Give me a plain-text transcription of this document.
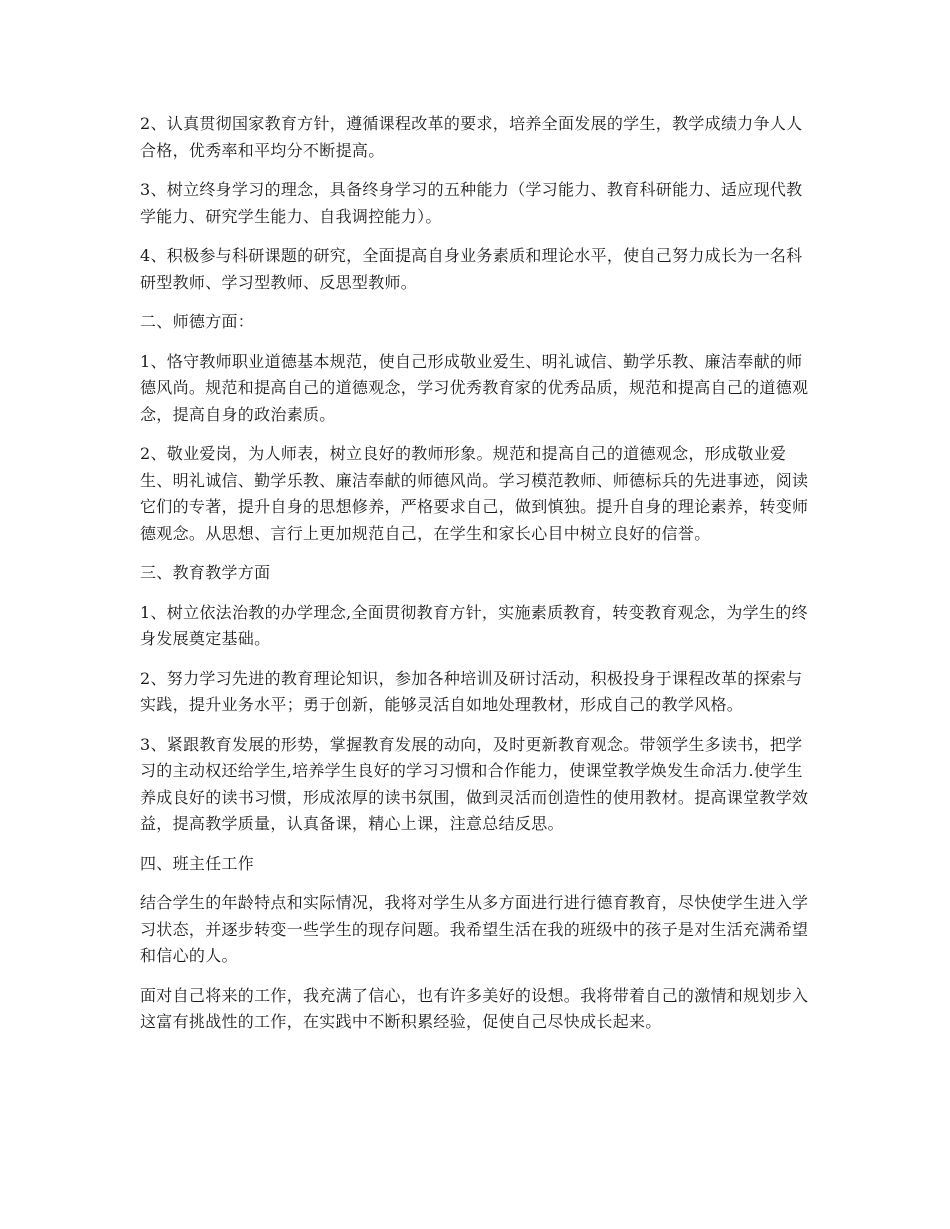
2、认真贯彻国家教育方针，遵循课程改革的要求，培养全面发展的学生，教学成绩力争人人合格，优秀率和平均分不断提高。

3、树立终身学习的理念，具备终身学习的五种能力（学习能力、教育科研能力、适应现代教学能力、研究学生能力、自我调控能力）。

4、积极参与科研课题的研究，全面提高自身业务素质和理论水平，使自己努力成长为一名科研型教师、学习型教师、反思型教师。

二、师德方面：

1、恪守教师职业道德基本规范，使自己形成敬业爱生、明礼诚信、勤学乐教、廉洁奉献的师德风尚。规范和提高自己的道德观念，学习优秀教育家的优秀品质，规范和提高自己的道德观念，提高自身的政治素质。

2、敬业爱岗，为人师表，树立良好的教师形象。规范和提高自己的道德观念，形成敬业爱生、明礼诚信、勤学乐教、廉洁奉献的师德风尚。学习模范教师、师德标兵的先进事迹，阅读它们的专著，提升自身的思想修养，严格要求自己，做到慎独。提升自身的理论素养，转变师德观念。从思想、言行上更加规范自己，在学生和家长心目中树立良好的信誉。

三、教育教学方面

1、树立依法治教的办学理念,全面贯彻教育方针，实施素质教育，转变教育观念，为学生的终身发展奠定基础。

2、努力学习先进的教育理论知识，参加各种培训及研讨活动，积极投身于课程改革的探索与实践，提升业务水平；勇于创新，能够灵活自如地处理教材，形成自己的教学风格。

3、紧跟教育发展的形势，掌握教育发展的动向，及时更新教育观念。带领学生多读书，把学习的主动权还给学生,培养学生良好的学习习惯和合作能力，使课堂教学焕发生命活力.使学生养成良好的读书习惯，形成浓厚的读书氛围，做到灵活而创造性的使用教材。提高课堂教学效益，提高教学质量，认真备课，精心上课，注意总结反思。

四、班主任工作

结合学生的年龄特点和实际情况，我将对学生从多方面进行进行德育教育，尽快使学生进入学习状态，并逐步转变一些学生的现存问题。我希望生活在我的班级中的孩子是对生活充满希望和信心的人。

面对自己将来的工作，我充满了信心，也有许多美好的设想。我将带着自己的激情和规划步入这富有挑战性的工作，在实践中不断积累经验，促使自己尽快成长起来。
